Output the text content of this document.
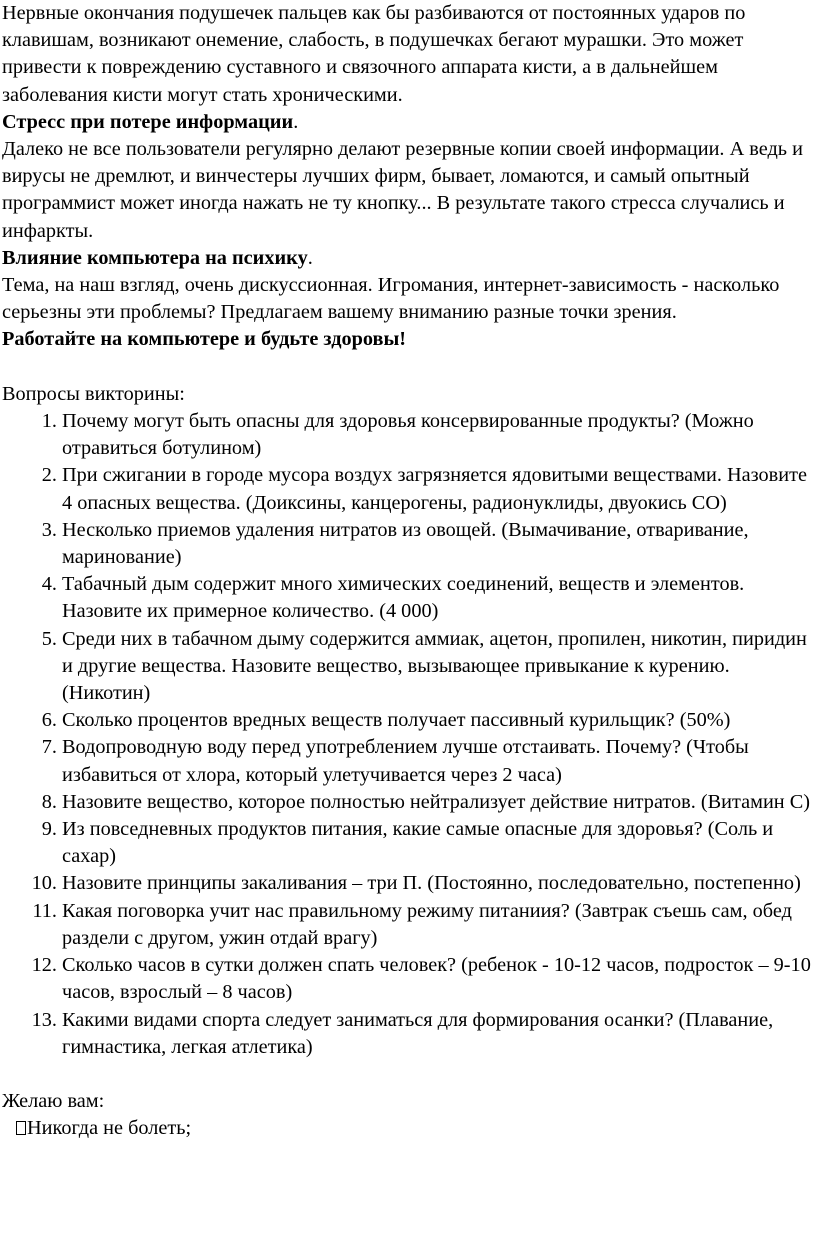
Нервные окончания подушечек пальцев как бы разбиваются от постоянных ударов по клавишам, возникают онемение, слабость, в подушечках бегают мурашки. Это может привести к повреждению суставного и связочного аппарата кисти, а в дальнейшем заболевания кисти могут стать хроническими.

Стресс при потере информации.

Далеко не все пользователи регулярно делают резервные копии своей информации. А ведь и вирусы не дремлют, и винчестеры лучших фирм, бывает, ломаются, и самый опытный программист может иногда нажать не ту кнопку... В результате такого стресса случались и инфаркты.

Влияние компьютера на психику.

Тема, на наш взгляд, очень дискуссионная. Игромания, интернет-зависимость - насколько серьезны эти проблемы? Предлагаем вашему вниманию разные точки зрения.

Работайте на компьютере и будьте здоровы!

Вопросы викторины:

1. Почему могут быть опасны для здоровья консервированные продукты? (Можно отравиться ботулином)
2. При сжигании в городе мусора воздух загрязняется ядовитыми веществами. Назовите 4 опасных вещества. (Доиксины, канцерогены, радионуклиды, двуокись СО)
3. Несколько приемов удаления нитратов из овощей. (Вымачивание, отваривание, маринование)
4. Табачный дым содержит много химических соединений, веществ и элементов. Назовите их примерное количество. (4 000)
5. Среди них в табачном дыму содержится аммиак, ацетон, пропилен, никотин, пиридин и другие вещества. Назовите вещество, вызывающее привыкание к курению. (Никотин)
6. Сколько процентов вредных веществ получает пассивный курильщик? (50%)
7. Водопроводную воду перед употреблением лучше отстаивать. Почему? (Чтобы избавиться от хлора, который улетучивается через 2 часа)
8. Назовите вещество, которое полностью нейтрализует действие нитратов. (Витамин С)
9. Из повседневных продуктов питания, какие самые опасные для здоровья? (Соль и сахар)
10. Назовите принципы закаливания – три П. (Постоянно, последовательно, постепенно)
11. Какая поговорка учит нас правильному режиму питаниия? (Завтрак съешь сам, обед раздели с другом, ужин отдай врагу)
12. Сколько часов в сутки должен спать человек? (ребенок - 10-12 часов, подросток – 9-10 часов, взрослый – 8 часов)
13. Какими видами спорта следует заниматься для формирования осанки? (Плавание, гимнастика, легкая атлетика)

Желаю вам:

Никогда не болеть;
